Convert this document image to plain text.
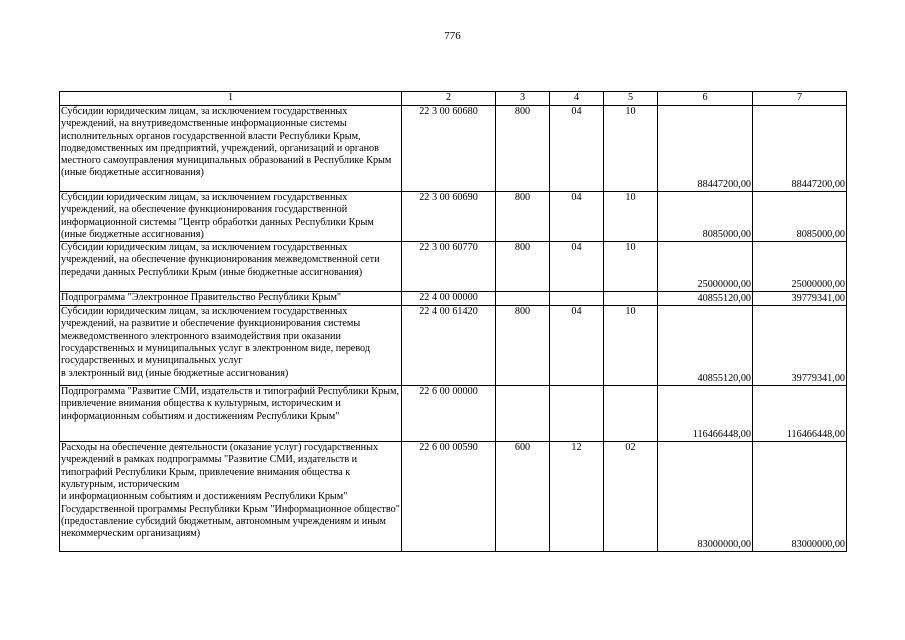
776
1	2	3	4	5	6	7
Субсидии юридическим лицам, за исключением государственных учреждений, на внутриведомственные информационные системы исполнительных органов государственной власти Республики Крым, подведомственных им предприятий, учреждений, организаций и органов местного самоуправления муниципальных образований в Республике Крым (иные бюджетные ассигнования)	22 3 00 60680	800	04	10	88447200,00	88447200,00
Субсидии юридическим лицам, за исключением государственных учреждений, на обеспечение функционирования государственной информационной системы "Центр обработки данных Республики Крым (иные бюджетные ассигнования)	22 3 00 60690	800	04	10	8085000,00	8085000,00
Субсидии юридическим лицам, за исключением государственных учреждений, на обеспечение функционирования межведомственной сети передачи данных Республики Крым (иные бюджетные ассигнования)	22 3 00 60770	800	04	10	25000000,00	25000000,00
Подпрограмма "Электронное Правительство Республики Крым"	22 4 00 00000				40855120,00	39779341,00
Субсидии юридическим лицам, за исключением государственных учреждений, на развитие и обеспечение функционирования системы межведомственного электронного взаимодействия при оказании государственных и муниципальных услуг в электронном виде, перевод государственных и муниципальных услуг
в электронный вид (иные бюджетные ассигнования)	22 4 00 61420	800	04	10	40855120,00	39779341,00
Подпрограмма "Развитие СМИ, издательств и типографий Республики Крым, привлечение внимания общества к культурным, историческим и информационным событиям и достижениям Республики Крым"	22 6 00 00000				116466448,00	116466448,00
Расходы на обеспечение деятельности (оказание услуг) государственных учреждений в рамках подпрограммы "Развитие СМИ, издательств и типографий Республики Крым, привлечение внимания общества к культурным, историческим
и информационным событиям и достижениям Республики Крым" Государственной программы Республики Крым "Информационное общество" (предоставление субсидий бюджетным, автономным учреждениям и иным некоммерческим организациям)	22 6 00 00590	600	12	02	83000000,00	83000000,00
